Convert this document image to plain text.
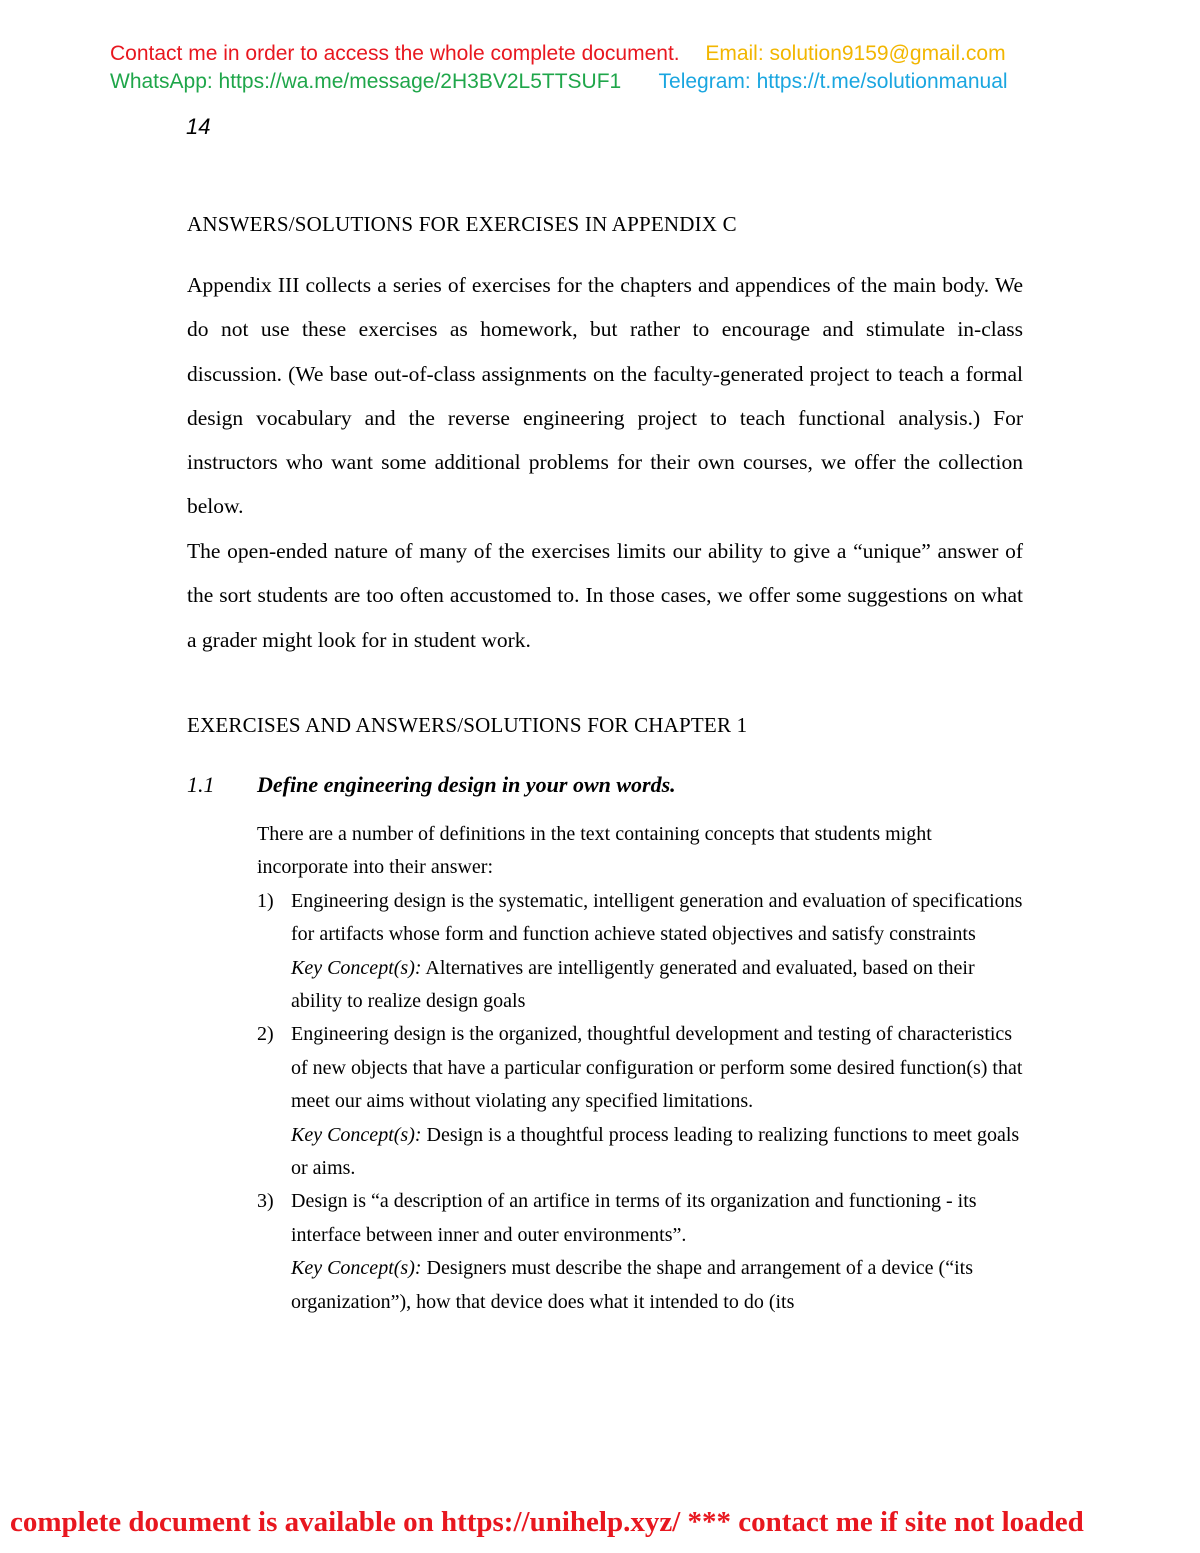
Contact me in order to access the whole complete document. Email: solution9159@gmail.com
WhatsApp: https://wa.me/message/2H3BV2L5TTSUF1 Telegram: https://t.me/solutionmanual
14
ANSWERS/SOLUTIONS FOR EXERCISES IN APPENDIX C
Appendix III collects a series of exercises for the chapters and appendices of the main body. We do not use these exercises as homework, but rather to encourage and stimulate in-class discussion. (We base out-of-class assignments on the faculty-generated project to teach a formal design vocabulary and the reverse engineering project to teach functional analysis.) For instructors who want some additional problems for their own courses, we offer the collection below.
The open-ended nature of many of the exercises limits our ability to give a “unique” answer of the sort students are too often accustomed to. In those cases, we offer some suggestions on what a grader might look for in student work.
EXERCISES AND ANSWERS/SOLUTIONS FOR CHAPTER 1
1.1 Define engineering design in your own words.

There are a number of definitions in the text containing concepts that students might incorporate into their answer:

1) Engineering design is the systematic, intelligent generation and evaluation of specifications for artifacts whose form and function achieve stated objectives and satisfy constraints
Key Concept(s): Alternatives are intelligently generated and evaluated, based on their ability to realize design goals
2) Engineering design is the organized, thoughtful development and testing of characteristics of new objects that have a particular configuration or perform some desired function(s) that meet our aims without violating any specified limitations.
Key Concept(s): Design is a thoughtful process leading to realizing functions to meet goals or aims.
3) Design is “a description of an artifice in terms of its organization and functioning - its interface between inner and outer environments”.
Key Concept(s): Designers must describe the shape and arrangement of a device (“its organization”), how that device does what it intended to do (its
complete document is available on https://unihelp.xyz/ *** contact me if site not loaded
